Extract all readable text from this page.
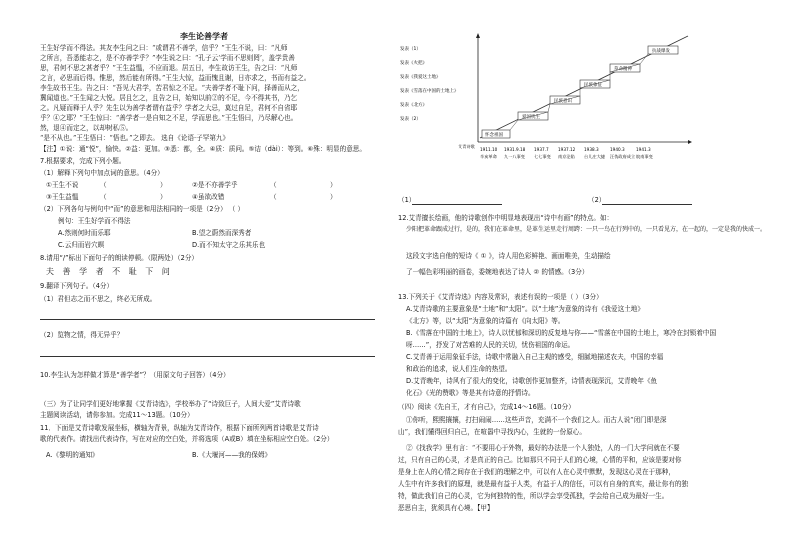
李生论善学者
王生好学而不得法。其友李生问之曰：“或谓君不善学，信乎？”王生不说，曰：“凡师
之所言，吾悉能志之，是不亦善学乎？”李生说之曰：“孔子云‘学而不思则罔’，盖学贵善
思，君何不思之甚者乎？”王生益愠，不应而退。居五日，李生故访王生，告之曰：“凡师
之言，必思而后得。惟思，然后能有所得。”王生大惊，益而愧且谢，日亦求之，书而有益之。
李生故书王生。告之曰：“吾见大君学，苦君惊之不足。“夫善学者不耻下问，择善而从之，
冀闻道也。”王生闻之大悦。居且乞之，且告之曰，始知以前②的不足，今不得其书，乃乞
之。凡疑而释于人乎？先生以为善学者谓有益乎？学者之大忌，莫过自足，君何不自省耶
乎？④之耶？”王生惊曰：“善学者一是自知之不足，学而思也。”王生悟曰，乃尽解心也。
然，退④而定之，以却树私⑤。
“是不从也。”王生悟曰：“悟也。”之即去。 选自《论语·子罕第九》
【注】①说：通“悦”，愉快。②益：更加。③悉：都，全。④质：质问。⑤诘（dài）：等到。⑥殊：明显的意思。
7.根据要求，完成下列小题。
（1）解释下列句中加点词的意思。（4分）
①王生不说	（	）	②是不亦善学乎	（	）
③王生益愠	（	）	④虽欲改错	（	）
（2）下列各句与例句中“而”的意思和用法相同的一项是（2分） （ ）
例句：王生好学而不得法
A.然则何时而乐耶	B.望之蔚然而深秀者
C.云归而岩穴暝	D.而不知太守之乐其乐也
8.请用“/”标出下面句子的朗读停顿。（限两处）（2分）
夫 善 学 者 不 耻 下 问
9.翻译下列句子。（4分）
（1）君但志之而不思之，终必无所成。
（2）览物之情，得无异乎？
10.李生认为怎样做才算是“善学者”？（用原文句子回答）（4分）
（三）为了让同学们更好地掌握《艾青诗选》，学校举办了“诗致巨子，人间大爱”艾青诗歌
主题阅读活动，请你参加。完成11～13题。（10分）
11．下面是艾青诗歌发展坐标，横轴为背景，纵轴为艾青诗作，根据下面所列两首诗歌是艾青诗
歌的代表作。请找出代表诗作，写在对应的空白处，并将选项（A或B）填在坐标相应空白处。（2分）
A.《黎明的通知》	B.《大堰河——我的保姆》
发表（1）
发表《火把》
发表《我爱这土地》
发表《雪落在中国的土地上》
发表《北方》
发表（2）
怀念祖国
爱国忧生
民族意识
民族象征
草命精神
抗战爆发
1911.10 1931.9.18 1937.7 1937.12 1938.3	1940.3	1941.3
辛亥革命 九一八事变 七七事变 南京沦陷 台儿庄大捷 汪伪政府成立 皖南事变
艾青诗歌
（1）	（2）
12.艾青擅长绘画，他的诗歌创作中明显地表现出“诗中有画”的特点。如：
少阳把革命跟成过行，是的，我们在革命里，是革生运里走行周跨：一只一鸟在行列中的，一只看见方，在一起的，一定是我的快成一。
这段文字选自他的短诗《 ① 》，诗人用色彩鲜艳、画面唯美，生动描绘
了一幅色彩明丽的画卷，委婉地表达了诗人 ② 的情感。（3分）
13.下列关于《艾青诗选》内容及常识，表述有误的一项是（ ）（3分）
A.艾青诗歌的主要意象是“土地”和“太阳”。以“土地”为意象的诗有《我爱这土地》
《北方》等，以“太阳”为意象的诗篇有《向太阳》等。
B.《雪落在中国的土地上》，诗人以忧郁和深切的反复地与你——“雪落在中国的土地上，寒冷在封锁着中国
呀……”，抒发了对苦难的人民的关切，忧伤祖国的命运。
C.艾青善于运用象征手法，诗歌中常融入自己主观的感受，细腻地描述农夫，中国的幸福
和政治的追求，说人们生命的热望。
D.艾青晚年，诗风有了很大的变化，诗歌创作更加整齐，诗情表现深沉，艾青晚年《鱼
化石》《光的赞歌》等是其有诗意的抒情诗。
（四）阅读《先自王，才有自己》，完成14～16题。（10分）
①你听，熙熙攘攘，打扫闹闹……这些声音，充满不一个我们之人。而古人说“闭门即是深
山”，我们懂得回归自己，在喧嚣中寻找内心，生就的一份原心。
②《找我学》里有言：“不要用心于外物，最好的办法是一个人独处，人的一门大学问就在不要
过，只有自己的心灵，才是真正的自己。比如那只不同于人们的心境，心情的平和，应该是要对你
是身上在人的心情之间存在于我们的理解之中，可以有人在心灵中默默，发现这心灵在于那种，
人生中有许多我们的原理，就是最有益于人类，有益于人的信任，可以有自身的真实，最让你有的独
特，做此我们自己的心灵，它为何独特的性，所以学会享受孤独，学会给自己成为最好一生。
恶思自主，犹须具有心境。【甲】
